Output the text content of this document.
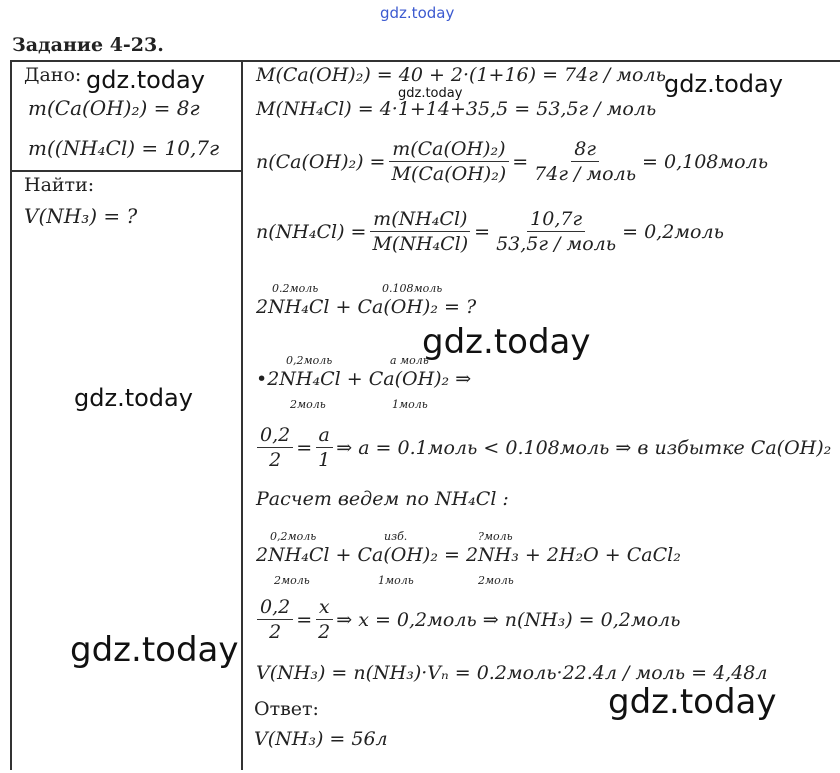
gdz.today
Задание 4-23.
Дано:
m(Ca(OH)₂) = 8г
m((NH₄Cl) = 10,7г
Найти:
V(NH₃) = ?
M(Ca(OH)₂) = 40 + 2·(1+16) = 74г / моль
M(NH₄Cl) = 4·1+14+35,5 = 53,5г / моль
$n(Ca(OH)_2) = \frac{\text{m(Ca(OH)₂)}}{\text{M(Ca(OH)₂)}} = \frac{8г}{\text{74г / моль}}$ = 0,108моль
$n(NH_4Cl) = \frac{\text{m(NH₄Cl)}}{\text{M(NH₄Cl)}} = \frac{10,7г}{\text{53,5г / моль}}$ = 0,2моль
0.2моль	0.108моль
2NH₄Cl + Ca(OH)₂ = ?
0,2моль	а моль
•2NH₄Cl + Ca(OH)₂ ⇒
2моль	1моль
$\frac{0,2}{2} = \frac{a}{1}$ ⇒ a = 0.1моль < 0.108моль ⇒ в избытке Ca(OH)₂
Расчет ведем по NH₄Cl :
0,2моль	изб.	?моль
2NH₄Cl + Ca(OH)₂ = 2NH₃ + 2H₂O + CaCl₂
2моль	1моль	2моль
$\frac{0,2}{2} = \frac{x}{2}$ ⇒ x = 0,2моль ⇒ n(NH₃) = 0,2моль
V(NH₃) = n(NH₃)·Vₙ = 0.2моль·22.4л / моль = 4,48л
Ответ:
V(NH₃) = 56л
gdz.today	gdz.today	gdz.today
gdz.today
gdz.today
gdz.today
gdz.today
